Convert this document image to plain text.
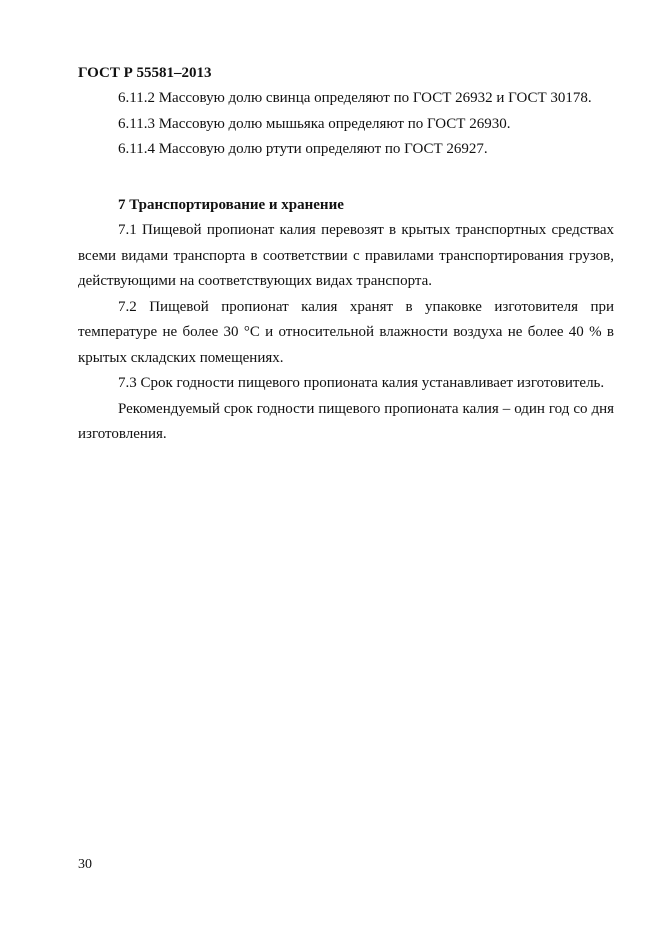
ГОСТ Р 55581–2013

6.11.2 Массовую долю свинца определяют по ГОСТ 26932 и ГОСТ 30178.

6.11.3 Массовую долю мышьяка определяют по ГОСТ 26930.

6.11.4 Массовую долю ртути определяют по ГОСТ 26927.

7 Транспортирование и хранение

7.1 Пищевой пропионат калия перевозят в крытых транспортных средствах всеми видами транспорта в соответствии с правилами транспортирования грузов, действующими на соответствующих видах транспорта.

7.2 Пищевой пропионат калия хранят в упаковке изготовителя при температуре не более 30 °С и относительной влажности воздуха не более 40 % в крытых складских помещениях.

7.3 Срок годности пищевого пропионата калия устанавливает изготовитель.

Рекомендуемый срок годности пищевого пропионата калия – один год со дня изготовления.

30
